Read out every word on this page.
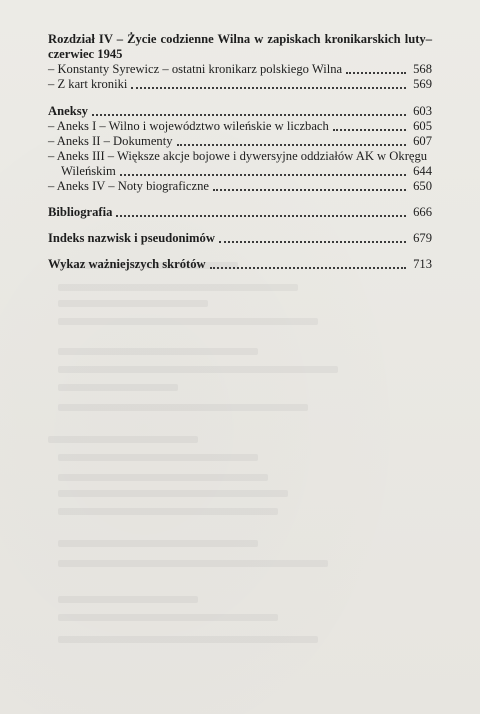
Rozdział IV – Życie codzienne Wilna w zapiskach kronikarskich luty–czerwiec 1945

– Konstanty Syrewicz – ostatni kronikarz polskiego Wilna	568
– Z kart kroniki	569
Aneksy	603
– Aneks I – Wilno i województwo wileńskie w liczbach	605
– Aneks II – Dokumenty	607
– Aneks III – Większe akcje bojowe i dywersyjne oddziałów AK w Okręgu
Wileńskim	644
– Aneks IV – Noty biograficzne	650
Bibliografia	666
Indeks nazwisk i pseudonimów	679
Wykaz ważniejszych skrótów	713
